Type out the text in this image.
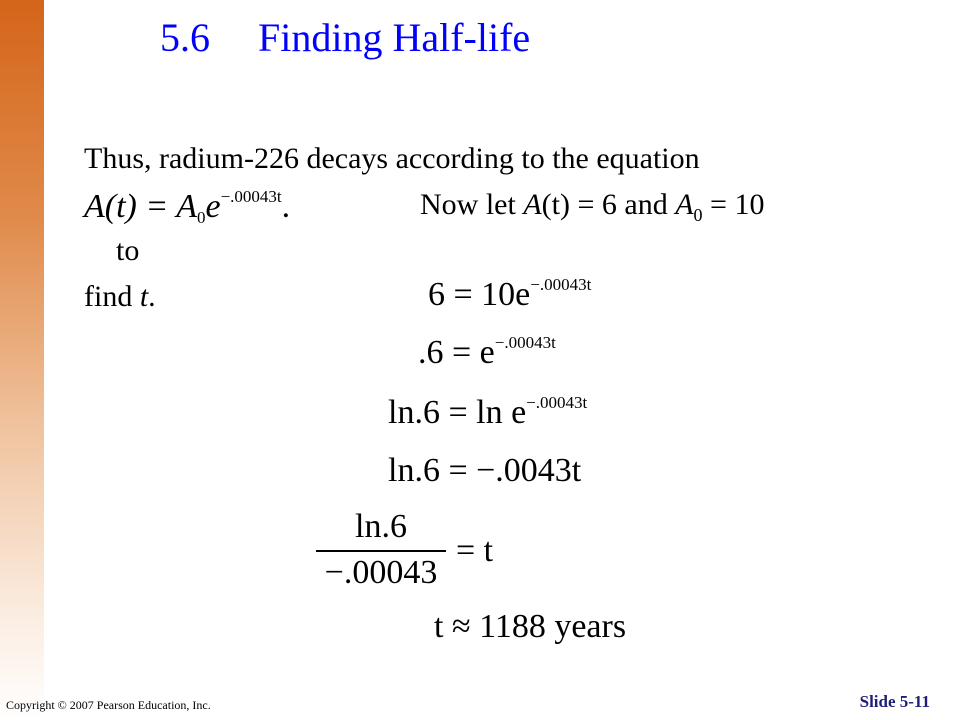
5.6 Finding Half-life
Thus, radium-226 decays according to the equation
$A(t) = A_0e^{-.00043t}$.	Now let A(t) = 6 and $A_0 = 10$
to
find t.	$6 = 10e^{-.00043t}$
$.6 = e^{-.00043t}$
$\ln.6 = \ln e^{-.00043t}$
ln.6 = −.0043t
ln.6
−.00043
= t
t ≈ 1188 years
Copyright © 2007 Pearson Education, Inc.	Slide 5-11
